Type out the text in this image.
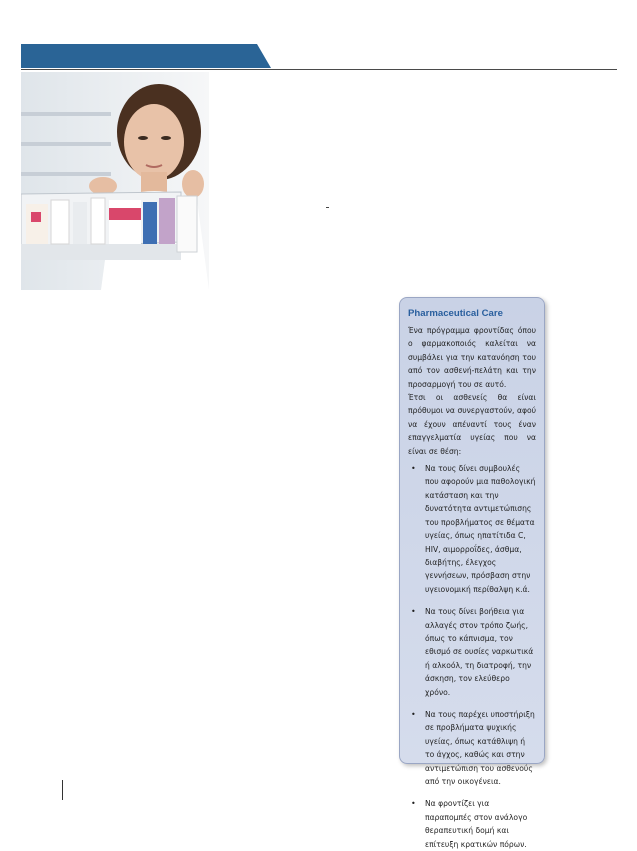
Pharmaceutical Care

Ένα πρόγραμμα φροντίδας όπου ο φαρμακοποιός καλείται να συμβάλει για την κατανόηση του από τον ασθενή-πελάτη και την προσαρμογή του σε αυτό.

Έτσι οι ασθενείς θα είναι πρόθυμοι να συνεργαστούν, αφού να έχουν απέναντί τους έναν επαγγελματία υγείας που να είναι σε θέση:

• Να τους δίνει συμβουλές που αφορούν μια παθολογική κατάσταση και την δυνατότητα αντιμετώπισης του προβλήματος σε θέματα υγείας, όπως ηπατίτιδα C, HIV, αιμορροΐδες, άσθμα, διαβήτης, έλεγχος γεννήσεων, πρόσβαση στην υγειονομική περίθαλψη κ.ά.
• Να τους δίνει βοήθεια για αλλαγές στον τρόπο ζωής, όπως το κάπνισμα, τον εθισμό σε ουσίες ναρκωτικά ή αλκοόλ, τη διατροφή, την άσκηση, τον ελεύθερο χρόνο.
• Να τους παρέχει υποστήριξη σε προβλήματα ψυχικής υγείας, όπως κατάθλιψη ή το άγχος, καθώς και στην αντιμετώπιση του ασθενούς από την οικογένεια.
• Να φροντίζει για παραπομπές στον ανάλογο θεραπευτική δομή και επίτευξη κρατικών πόρων.
